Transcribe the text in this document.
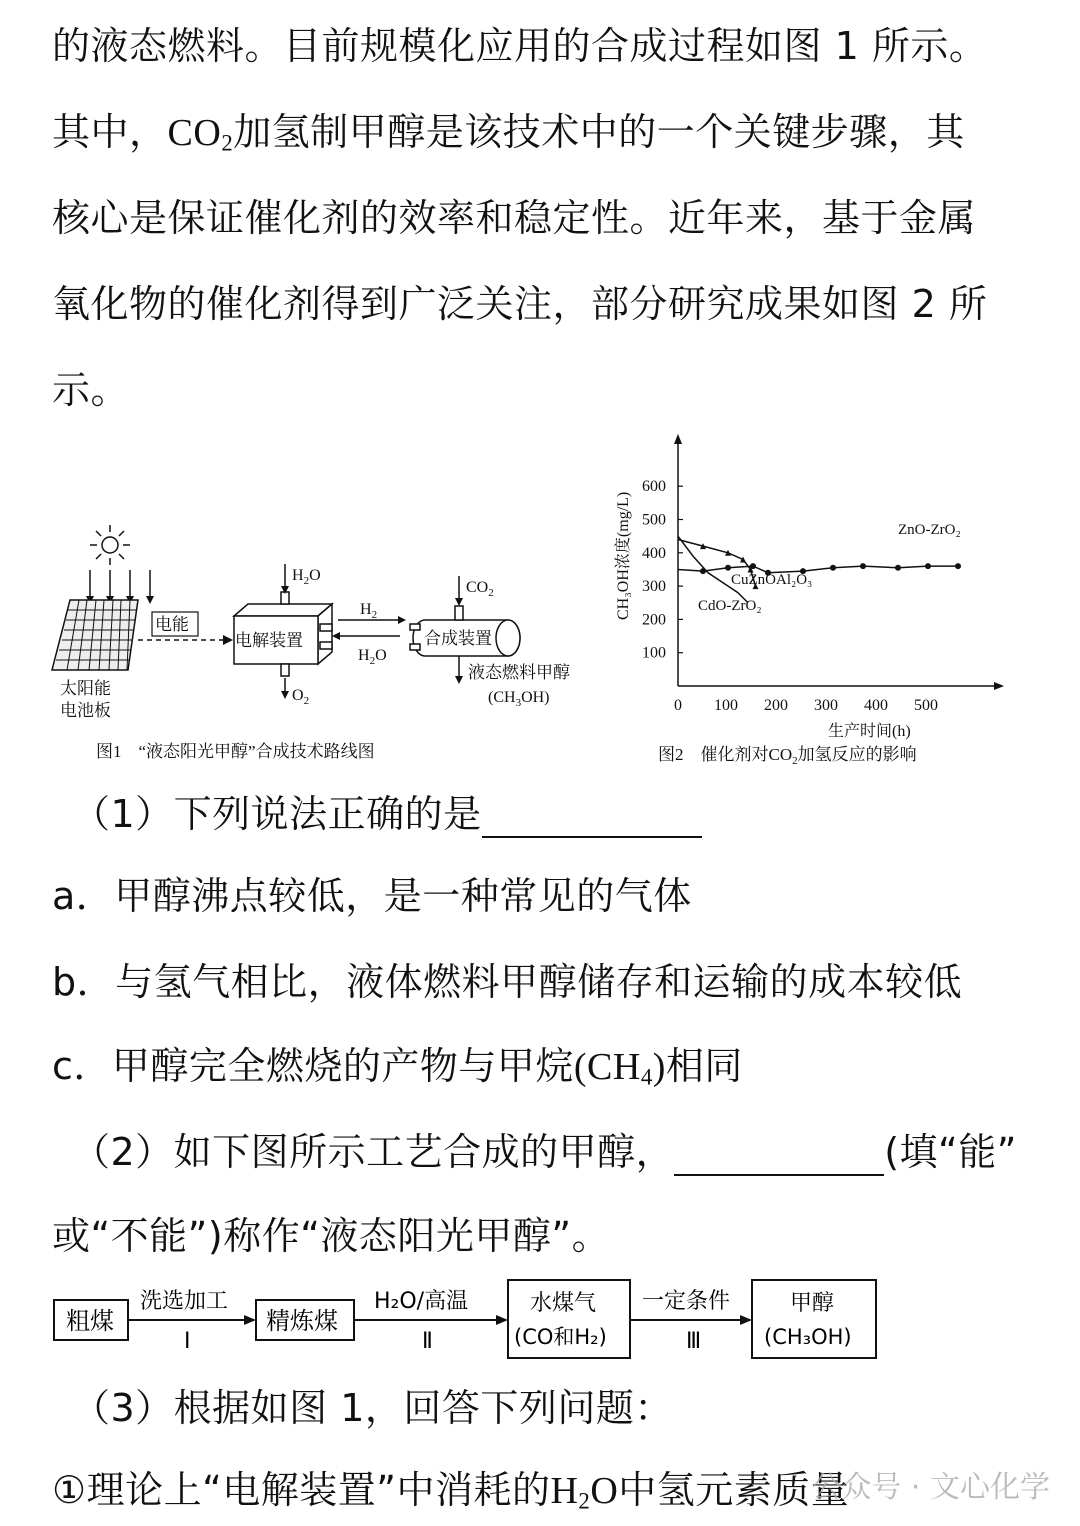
的液态燃料。目前规模化应用的合成过程如图 1 所示。
其中，$CO_2$加氢制甲醇是该技术中的一个关键步骤，其
核心是保证催化剂的效率和稳定性。近年来，基于金属
氧化物的催化剂得到广泛关注，部分研究成果如图 2 所
示。
太阳能
电池板
电能
电解装置
$H_2O$
$O_2$
$H_2$
$H_2O$
合成装置
$CO_2$
液态燃料甲醇
$(CH_3OH)$
图1　“液态阳光甲醇”合成技术路线图
600
500
400
300
200
100
0 100 200 300 400 500
CH₃OH浓度(mg/L)
生产时间(h)
ZnO-ZrO₂
CuZnOAl₂O₃
CdO-ZrO₂
图2　催化剂对$CO_2$加氢反应的影响
（1）下列说法正确的是
a．甲醇沸点较低，是一种常见的气体
b．与氢气相比，液体燃料甲醇储存和运输的成本较低
c．甲醇完全燃烧的产物与甲烷$(CH_4)$相同
（2）如下图所示工艺合成的甲醇，	(填“能”
或“不能”)称作“液态阳光甲醇”。
粗煤
洗选加工
Ⅰ
精炼煤
H₂O/高温
Ⅱ
水煤气
(CO和H₂)
一定条件
Ⅲ
甲醇
(CH₃OH)
（3）根据如图 1，回答下列问题：
①理论上“电解装置”中消耗的$H_2O$中氢元素质量
公众号 · 文心化学
